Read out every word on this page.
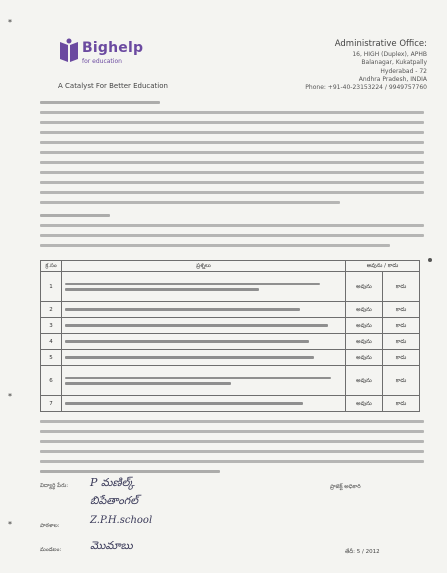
*
*
*
Bighelp
for education
A Catalyst For Better Education
Administrative Office:
16, HIGH (Duplex), APHB
Balanagar, Kukatpally
Hyderabad - 72
Andhra Pradesh, INDIA
Phone: +91-40-23153224 / 9949757760
క్ర.సం	ప్రశ్నలు	అవును / కాదు	
1		అవును	కాదు
2		అవును	కాదు
3		అవును	కాదు
4		అవును	కాదు
5		అవును	కాదు
6		అవును	కాదు
7		అవును	కాదు
విద్యార్థి పేరు: P మణిల్క్
బిపేతాంగల్
పాఠశాల:	Z.P.H.school
మండలం:	మొమాబు
ప్రాజెక్ట్ అధికారి
తేదీ: 5 / 2012
